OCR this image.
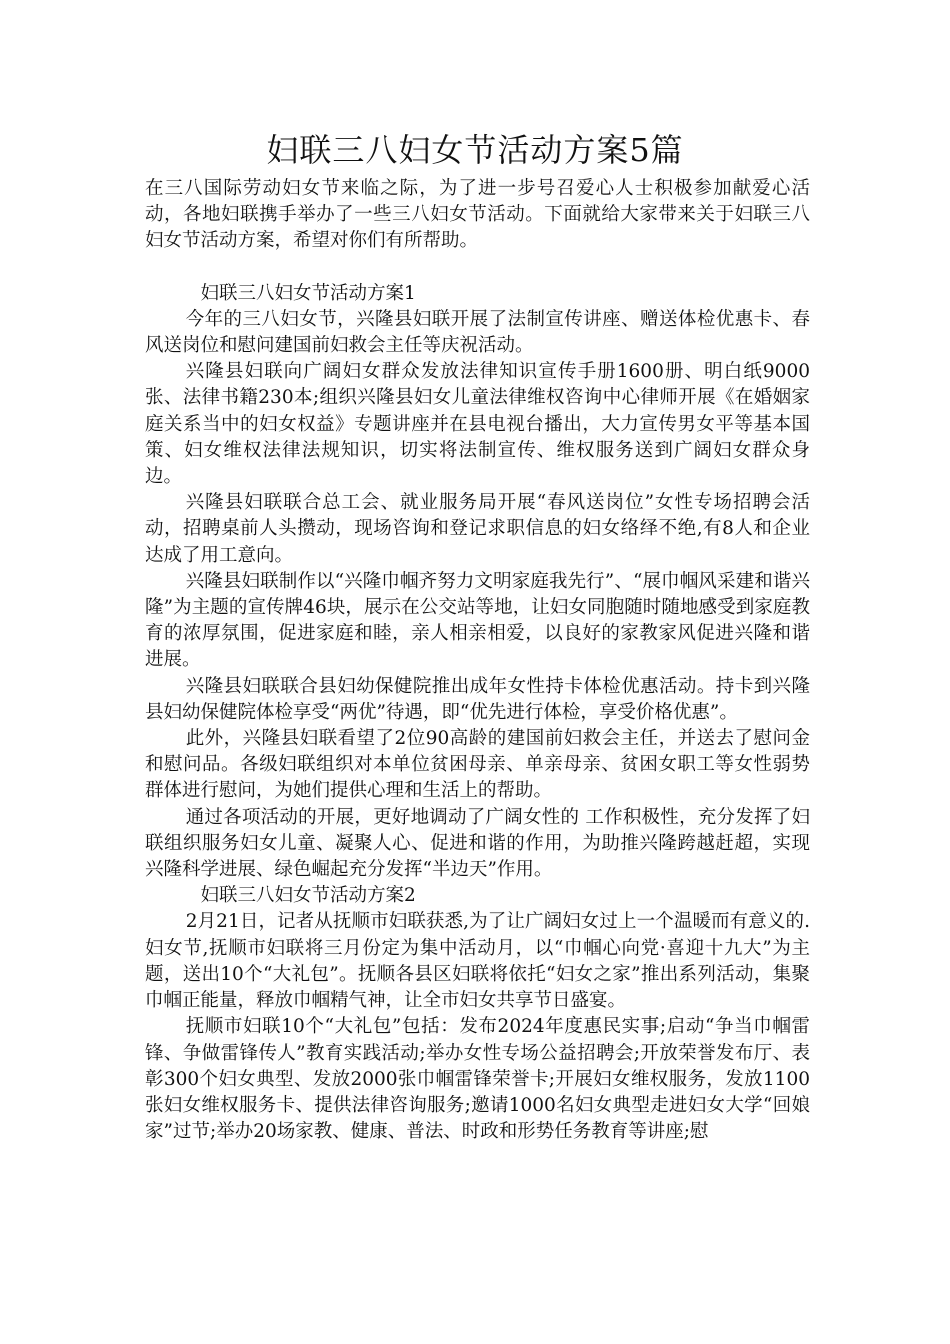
妇联三八妇女节活动方案5篇

在三八国际劳动妇女节来临之际，为了进一步号召爱心人士积极参加献爱心活动，各地妇联携手举办了一些三八妇女节活动。下面就给大家带来关于妇联三八妇女节活动方案，希望对你们有所帮助。

妇联三八妇女节活动方案1

今年的三八妇女节，兴隆县妇联开展了法制宣传讲座、赠送体检优惠卡、春风送岗位和慰问建国前妇救会主任等庆祝活动。

兴隆县妇联向广阔妇女群众发放法律知识宣传手册1600册、明白纸9000张、法律书籍230本;组织兴隆县妇女儿童法律维权咨询中心律师开展《在婚姻家庭关系当中的妇女权益》专题讲座并在县电视台播出，大力宣传男女平等基本国策、妇女维权法律法规知识，切实将法制宣传、维权服务送到广阔妇女群众身边。

兴隆县妇联联合总工会、就业服务局开展“春风送岗位”女性专场招聘会活动，招聘桌前人头攒动，现场咨询和登记求职信息的妇女络绎不绝,有8人和企业达成了用工意向。

兴隆县妇联制作以“兴隆巾帼齐努力文明家庭我先行”、“展巾帼风采建和谐兴隆”为主题的宣传牌46块，展示在公交站等地，让妇女同胞随时随地感受到家庭教育的浓厚氛围，促进家庭和睦，亲人相亲相爱，以良好的家教家风促进兴隆和谐进展。

兴隆县妇联联合县妇幼保健院推出成年女性持卡体检优惠活动。持卡到兴隆县妇幼保健院体检享受“两优”待遇，即“优先进行体检，享受价格优惠”。

此外，兴隆县妇联看望了2位90高龄的建国前妇救会主任，并送去了慰问金和慰问品。各级妇联组织对本单位贫困母亲、单亲母亲、贫困女职工等女性弱势群体进行慰问，为她们提供心理和生活上的帮助。

通过各项活动的开展，更好地调动了广阔女性的 工作积极性，充分发挥了妇联组织服务妇女儿童、凝聚人心、促进和谐的作用，为助推兴隆跨越赶超，实现兴隆科学进展、绿色崛起充分发挥“半边天”作用。

妇联三八妇女节活动方案2

2月21日，记者从抚顺市妇联获悉,为了让广阔妇女过上一个温暖而有意义的.妇女节,抚顺市妇联将三月份定为集中活动月，以“巾帼心向党·喜迎十九大”为主题，送出10个“大礼包”。抚顺各县区妇联将依托“妇女之家”推出系列活动，集聚巾帼正能量，释放巾帼精气神，让全市妇女共享节日盛宴。

抚顺市妇联10个“大礼包”包括：发布2024年度惠民实事;启动“争当巾帼雷锋、争做雷锋传人”教育实践活动;举办女性专场公益招聘会;开放荣誉发布厅、表彰300个妇女典型、发放2000张巾帼雷锋荣誉卡;开展妇女维权服务，发放1100张妇女维权服务卡、提供法律咨询服务;邀请1000名妇女典型走进妇女大学“回娘家”过节;举办20场家教、健康、普法、时政和形势任务教育等讲座;慰
